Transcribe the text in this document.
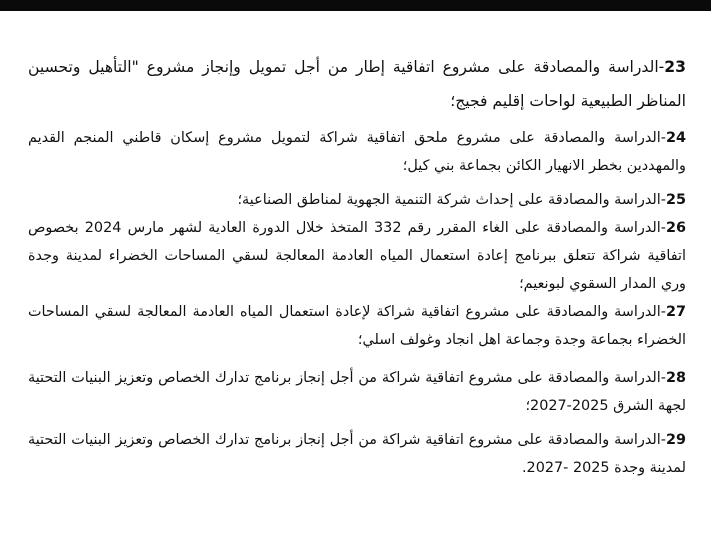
23-الدراسة والمصادقة على مشروع اتفاقية إطار من أجل تمويل وإنجاز مشروع "التأهيل وتحسين المناظر الطبيعية لواحات إقليم فجيج؛

24-الدراسة والمصادقة على مشروع ملحق اتفاقية شراكة لتمويل مشروع إسكان قاطني المنجم القديم والمهددين بخطر الانهيار الكائن بجماعة بني كيل؛

25-الدراسة والمصادقة على إحداث شركة التنمية الجهوية لمناطق الصناعية؛

26-الدراسة والمصادقة على الغاء المقرر رقم 332 المتخذ خلال الدورة العادية لشهر مارس 2024 بخصوص اتفاقية شراكة تتعلق ببرنامج إعادة استعمال المياه العادمة المعالجة لسقي المساحات الخضراء لمدينة وجدة وري المدار السقوي لبونعيم؛

27-الدراسة والمصادقة على مشروع اتفاقية شراكة لإعادة استعمال المياه العادمة المعالجة لسقي المساحات الخضراء بجماعة وجدة وجماعة اهل انجاد وغولف اسلي؛

28-الدراسة والمصادقة على مشروع اتفاقية شراكة من أجل إنجاز برنامج تدارك الخصاص وتعزيز البنيات التحتية لجهة الشرق 2025-2027؛

29-الدراسة والمصادقة على مشروع اتفاقية شراكة من أجل إنجاز برنامج تدارك الخصاص وتعزيز البنيات التحتية لمدينة وجدة 2025 -2027.
